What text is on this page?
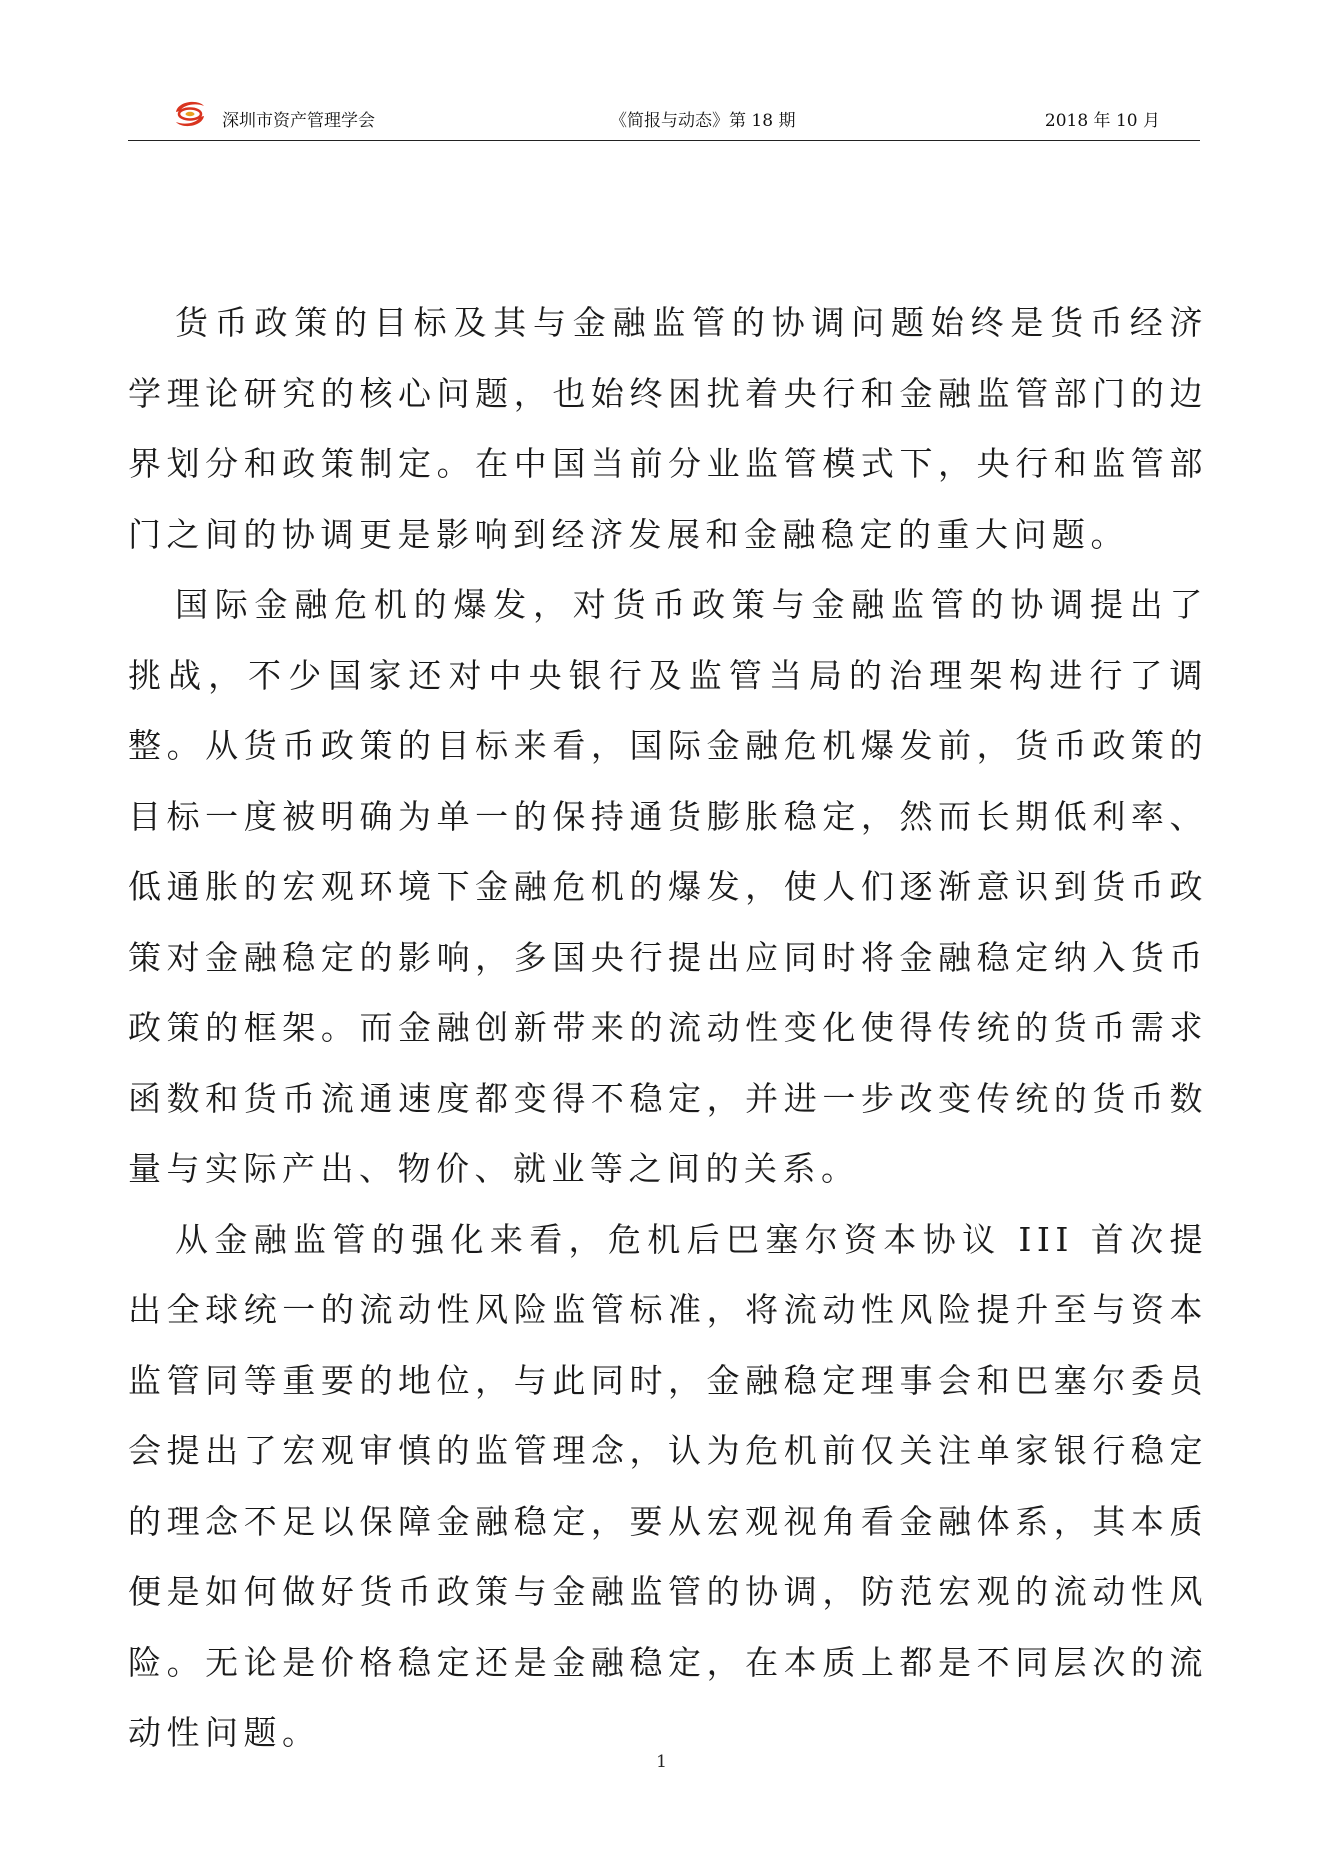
深圳市资产管理学会	《简报与动态》第 18 期	2018 年 10 月

货币政策的目标及其与金融监管的协调问题始终是货币经济学理论研究的核心问题，也始终困扰着央行和金融监管部门的边界划分和政策制定。在中国当前分业监管模式下，央行和监管部门之间的协调更是影响到经济发展和金融稳定的重大问题。

国际金融危机的爆发，对货币政策与金融监管的协调提出了挑战，不少国家还对中央银行及监管当局的治理架构进行了调整。从货币政策的目标来看，国际金融危机爆发前，货币政策的目标一度被明确为单一的保持通货膨胀稳定，然而长期低利率、低通胀的宏观环境下金融危机的爆发，使人们逐渐意识到货币政策对金融稳定的影响，多国央行提出应同时将金融稳定纳入货币政策的框架。而金融创新带来的流动性变化使得传统的货币需求函数和货币流通速度都变得不稳定，并进一步改变传统的货币数量与实际产出、物价、就业等之间的关系。

从金融监管的强化来看，危机后巴塞尔资本协议 III 首次提出全球统一的流动性风险监管标准，将流动性风险提升至与资本监管同等重要的地位，与此同时，金融稳定理事会和巴塞尔委员会提出了宏观审慎的监管理念，认为危机前仅关注单家银行稳定的理念不足以保障金融稳定，要从宏观视角看金融体系，其本质便是如何做好货币政策与金融监管的协调，防范宏观的流动性风险。无论是价格稳定还是金融稳定，在本质上都是不同层次的流动性问题。

1
